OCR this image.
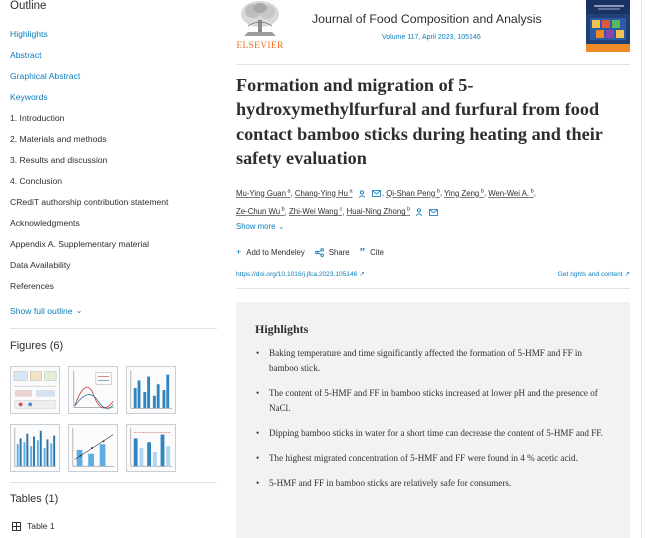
Outline
Highlights
Abstract
Graphical Abstract
Keywords
1. Introduction
2. Materials and methods
3. Results and discussion
4. Conclusion
CRediT authorship contribution statement
Acknowledgments
Appendix A. Supplementary material
Data Availability
References
Show full outline ⌄
Figures (6)
Tables (1)
Table 1
ELSEVIER
Journal of Food Composition and Analysis
Volume 117, April 2023, 105146
Formation and migration of 5-
hydroxymethylfurfural and furfural from food
contact bamboo sticks during heating and their
safety evaluation
Mu-Ying Guan $^a$, Chang-Ying Hu $^a$	, Qi-Shan Peng $^b$, Ying Zeng $^b$, Wen-Wei A. $^b$,
Ze-Chun Wu $^b$, Zhi-Wei Wang $^c$, Huai-Ning Zhong $^b$
Show more ⌄
+ Add to Mendeley	Share ” Cite
https://doi.org/10.1016/j.jfca.2023.105146 ↗	Get rights and content ↗
Highlights
• Baking temperature and time significantly affected the formation of 5-HMF and FF in bamboo stick.
• The content of 5-HMF and FF in bamboo sticks increased at lower pH and the presence of NaCl.
• Dipping bamboo sticks in water for a short time can decrease the content of 5-HMF and FF.
• The highest migrated concentration of 5-HMF and FF were found in 4 % acetic acid.
• 5-HMF and FF in bamboo sticks are relatively safe for consumers.
